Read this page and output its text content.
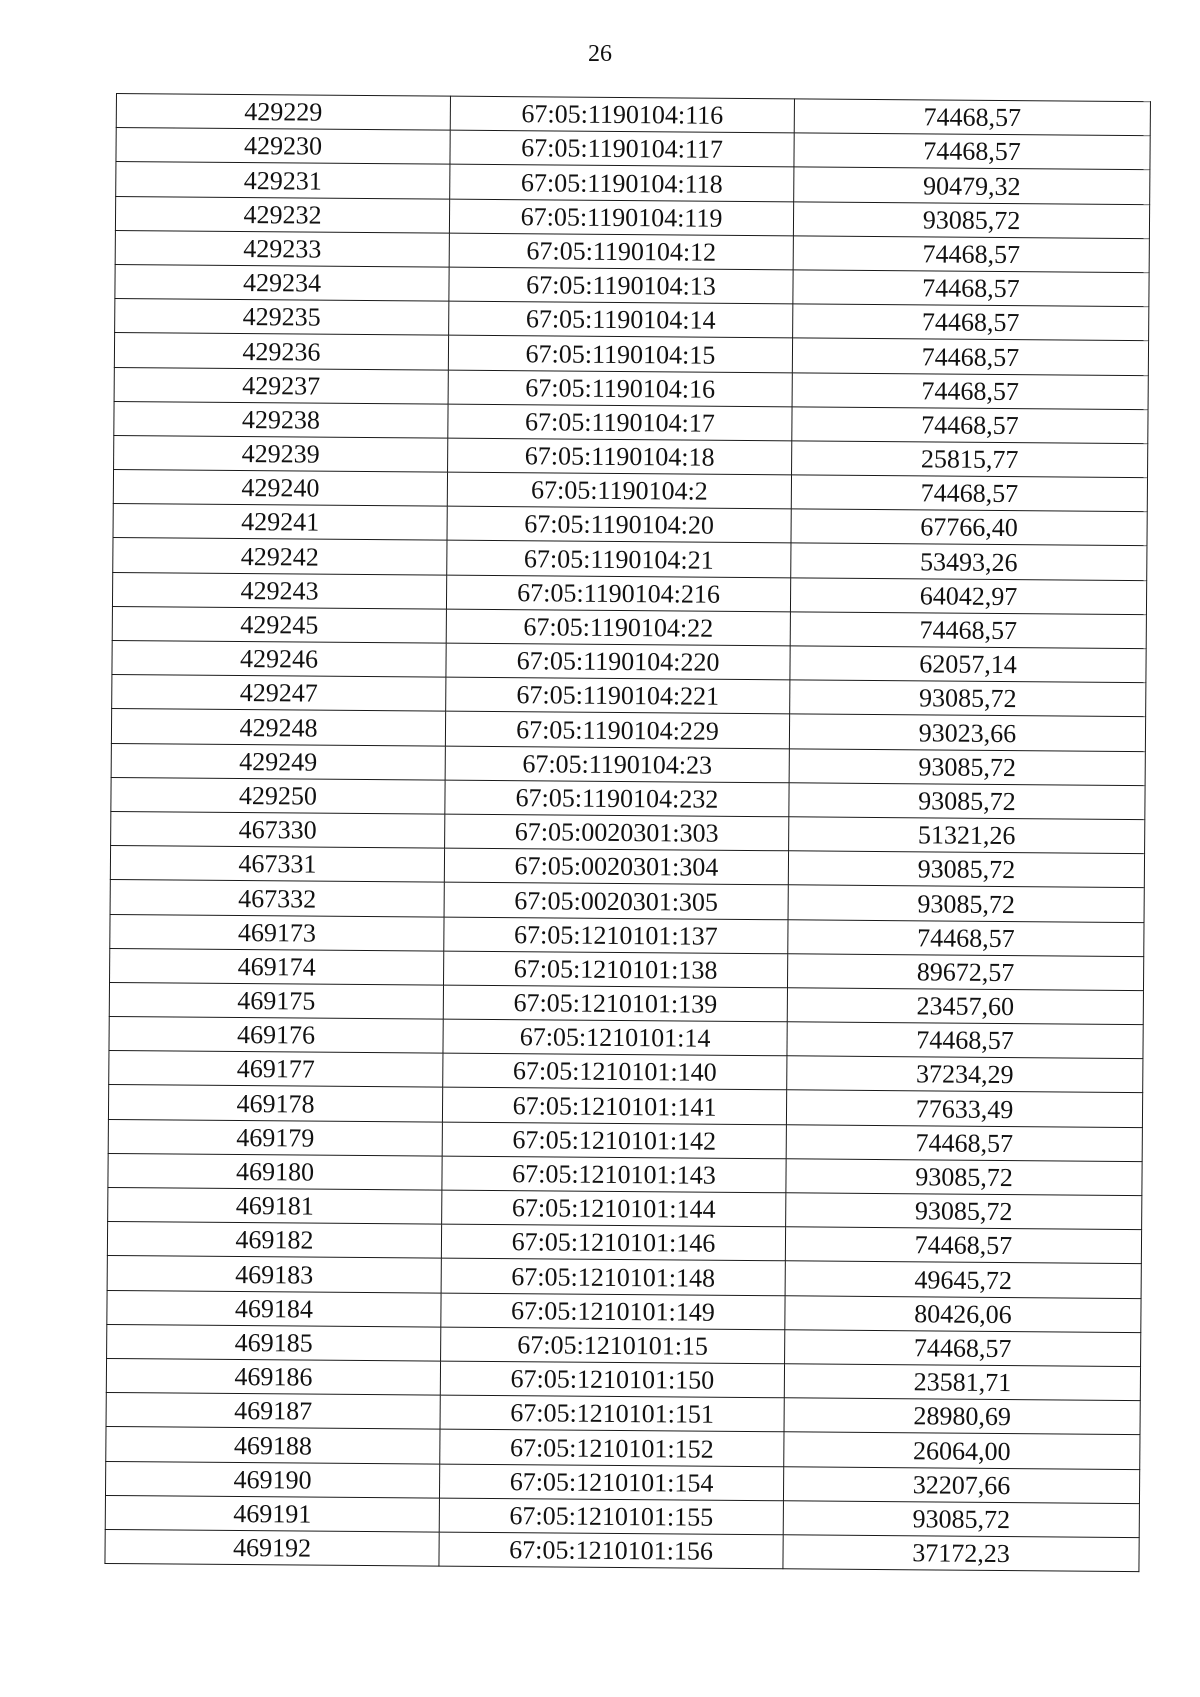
26
429229	67:05:1190104:116	74468,57
429230	67:05:1190104:117	74468,57
429231	67:05:1190104:118	90479,32
429232	67:05:1190104:119	93085,72
429233	67:05:1190104:12	74468,57
429234	67:05:1190104:13	74468,57
429235	67:05:1190104:14	74468,57
429236	67:05:1190104:15	74468,57
429237	67:05:1190104:16	74468,57
429238	67:05:1190104:17	74468,57
429239	67:05:1190104:18	25815,77
429240	67:05:1190104:2	74468,57
429241	67:05:1190104:20	67766,40
429242	67:05:1190104:21	53493,26
429243	67:05:1190104:216	64042,97
429245	67:05:1190104:22	74468,57
429246	67:05:1190104:220	62057,14
429247	67:05:1190104:221	93085,72
429248	67:05:1190104:229	93023,66
429249	67:05:1190104:23	93085,72
429250	67:05:1190104:232	93085,72
467330	67:05:0020301:303	51321,26
467331	67:05:0020301:304	93085,72
467332	67:05:0020301:305	93085,72
469173	67:05:1210101:137	74468,57
469174	67:05:1210101:138	89672,57
469175	67:05:1210101:139	23457,60
469176	67:05:1210101:14	74468,57
469177	67:05:1210101:140	37234,29
469178	67:05:1210101:141	77633,49
469179	67:05:1210101:142	74468,57
469180	67:05:1210101:143	93085,72
469181	67:05:1210101:144	93085,72
469182	67:05:1210101:146	74468,57
469183	67:05:1210101:148	49645,72
469184	67:05:1210101:149	80426,06
469185	67:05:1210101:15	74468,57
469186	67:05:1210101:150	23581,71
469187	67:05:1210101:151	28980,69
469188	67:05:1210101:152	26064,00
469190	67:05:1210101:154	32207,66
469191	67:05:1210101:155	93085,72
469192	67:05:1210101:156	37172,23
